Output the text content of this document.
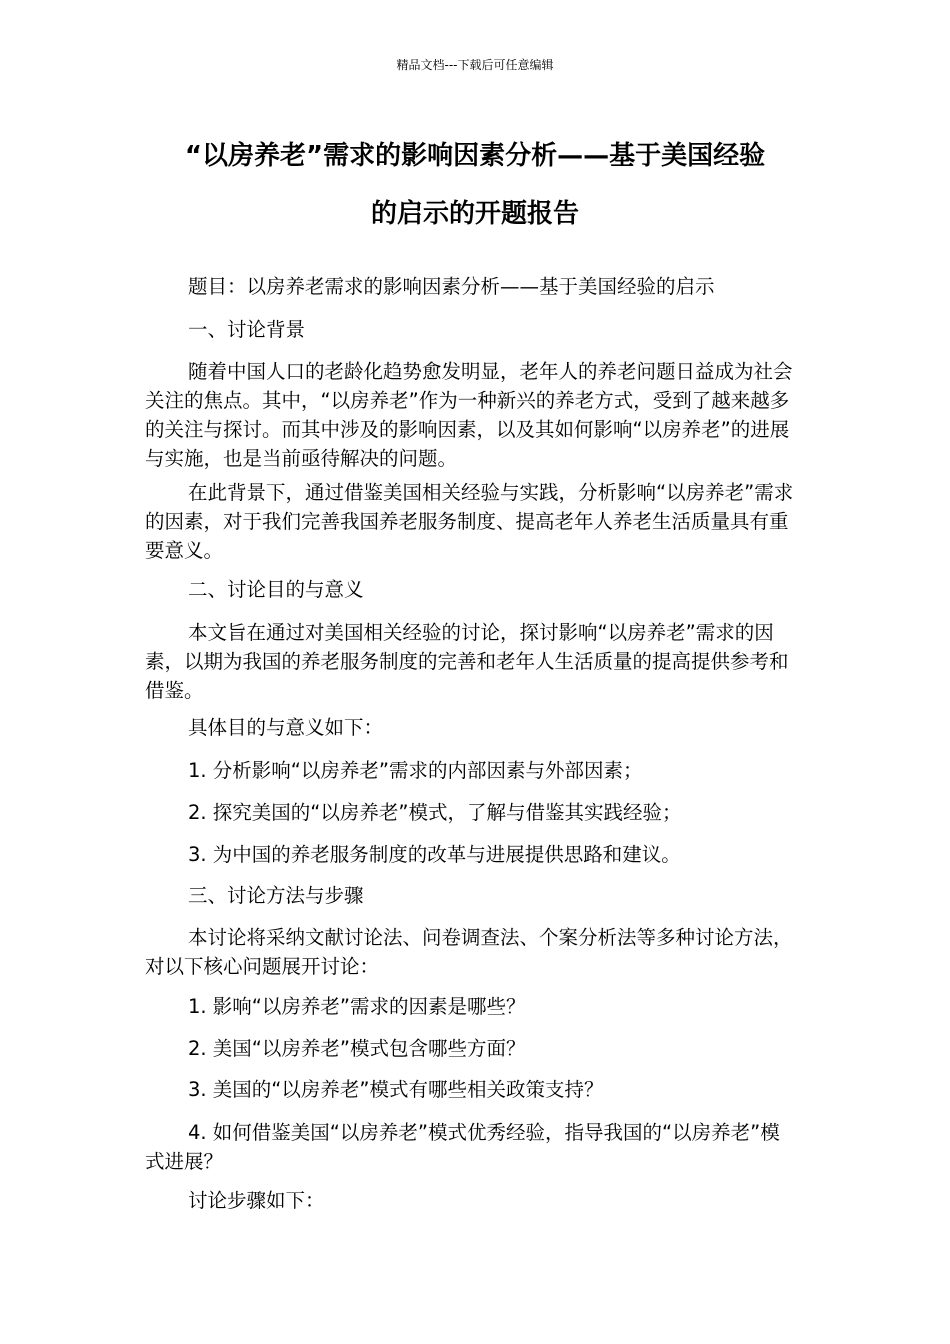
精品文档---下载后可任意编辑
“以房养老”需求的影响因素分析——基于美国经验
的启示的开题报告

题目：以房养老需求的影响因素分析——基于美国经验的启示

一、讨论背景

随着中国人口的老龄化趋势愈发明显，老年人的养老问题日益成为社会关注的焦点。其中，“以房养老”作为一种新兴的养老方式，受到了越来越多的关注与探讨。而其中涉及的影响因素，以及其如何影响“以房养老”的进展与实施，也是当前亟待解决的问题。

在此背景下，通过借鉴美国相关经验与实践，分析影响“以房养老”需求的因素，对于我们完善我国养老服务制度、提高老年人养老生活质量具有重要意义。

二、讨论目的与意义

本文旨在通过对美国相关经验的讨论，探讨影响“以房养老”需求的因素，以期为我国的养老服务制度的完善和老年人生活质量的提高提供参考和借鉴。

具体目的与意义如下：

1. 分析影响“以房养老”需求的内部因素与外部因素；

2. 探究美国的“以房养老”模式，了解与借鉴其实践经验；

3. 为中国的养老服务制度的改革与进展提供思路和建议。

三、讨论方法与步骤

本讨论将采纳文献讨论法、问卷调查法、个案分析法等多种讨论方法，对以下核心问题展开讨论：

1. 影响“以房养老”需求的因素是哪些？

2. 美国“以房养老”模式包含哪些方面？

3. 美国的“以房养老”模式有哪些相关政策支持？

4. 如何借鉴美国“以房养老”模式优秀经验，指导我国的“以房养老”模式进展？

讨论步骤如下：
